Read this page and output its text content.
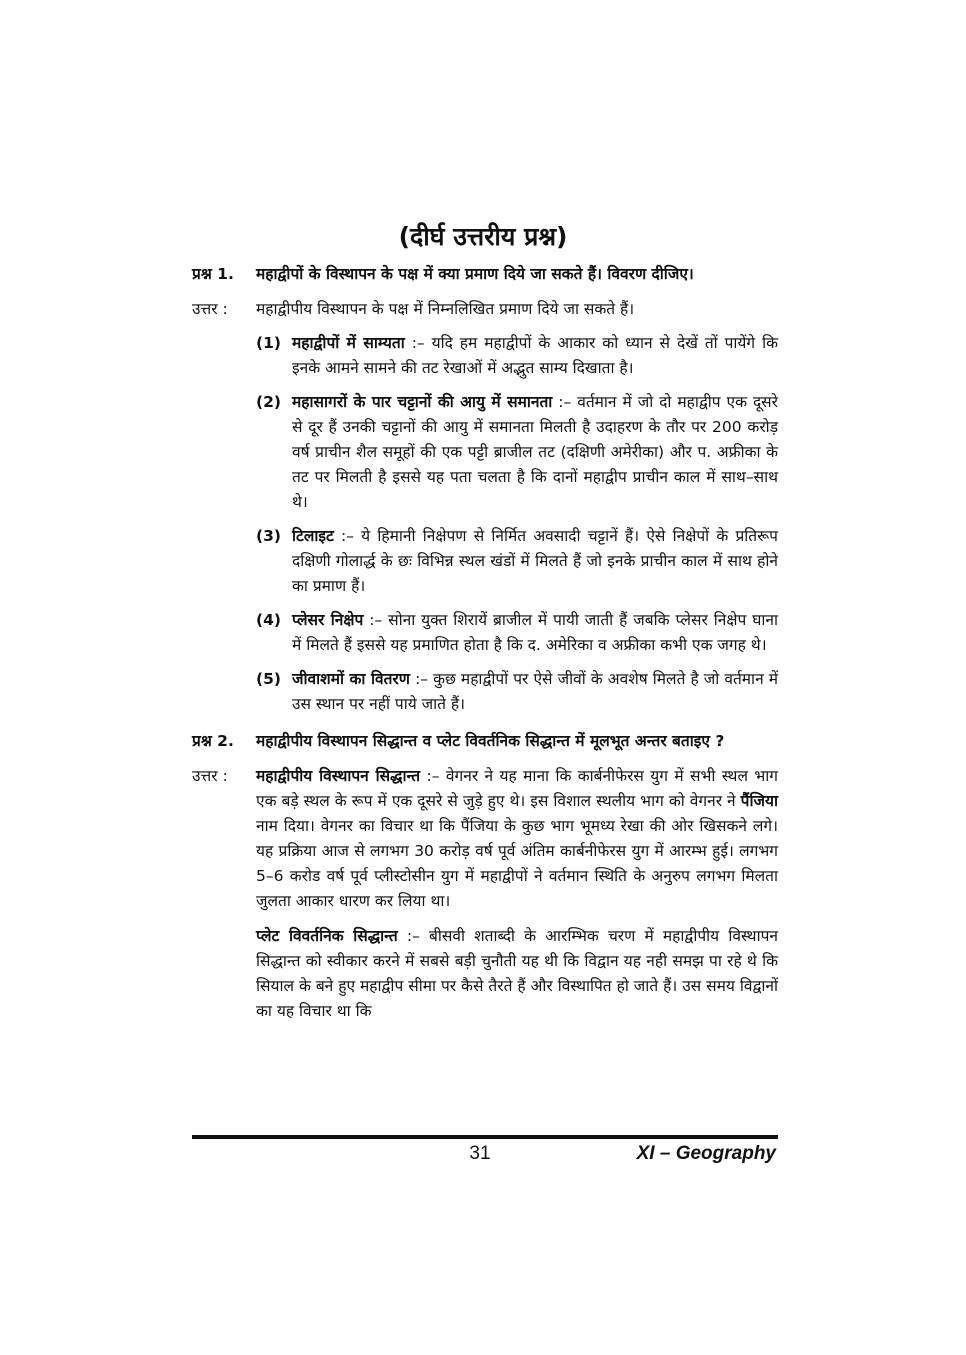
(दीर्घ उत्तरीय प्रश्न)
प्रश्न 1.	महाद्वीपों के विस्थापन के पक्ष में क्या प्रमाण दिये जा सकते हैं। विवरण दीजिए।
उत्तर :	महाद्वीपीय विस्थापन के पक्ष में निम्नलिखित प्रमाण दिये जा सकते हैं।
(1) महाद्वीपों में साम्यता :– यदि हम महाद्वीपों के आकार को ध्यान से देखें तों पायेंगे कि इनके आमने सामने की तट रेखाओं में अद्भुत साम्य दिखाता है।
(2) महासागरों के पार चट्टानों की आयु में समानता :– वर्तमान में जो दो महाद्वीप एक दूसरे से दूर हैं उनकी चट्टानों की आयु में समानता मिलती है उदाहरण के तौर पर 200 करोड़ वर्ष प्राचीन शैल समूहों की एक पट्टी ब्राजील तट (दक्षिणी अमेरीका) और प. अफ्रीका के तट पर मिलती है इससे यह पता चलता है कि दानों महाद्वीप प्राचीन काल में साथ–साथ थे।
(3) टिलाइट :– ये हिमानी निक्षेपण से निर्मित अवसादी चट्टानें हैं। ऐसे निक्षेपों के प्रतिरूप दक्षिणी गोलार्द्ध के छः विभिन्न स्थल खंडों में मिलते हैं जो इनके प्राचीन काल में साथ होने का प्रमाण हैं।
(4) प्लेसर निक्षेप :– सोना युक्त शिरायें ब्राजील में पायी जाती हैं जबकि प्लेसर निक्षेप घाना में मिलते हैं इससे यह प्रमाणित होता है कि द. अमेरिका व अफ्रीका कभी एक जगह थे।
(5) जीवाशमों का वितरण :– कुछ महाद्वीपों पर ऐसे जीवों के अवशेष मिलते है जो वर्तमान में उस स्थान पर नहीं पाये जाते हैं।
प्रश्न 2.	महाद्वीपीय विस्थापन सिद्धान्त व प्लेट विवर्तनिक सिद्धान्त में मूलभूत अन्तर बताइए ?
उत्तर :	महाद्वीपीय विस्थापन सिद्धान्त :– वेगनर ने यह माना कि कार्बनीफेरस युग में सभी स्थल भाग एक बड़े स्थल के रूप में एक दूसरे से जुड़े हुए थे। इस विशाल स्थलीय भाग को वेगनर ने पैंजिया नाम दिया। वेगनर का विचार था कि पैंजिया के कुछ भाग भूमध्य रेखा की ओर खिसकने लगे। यह प्रक्रिया आज से लगभग 30 करोड़ वर्ष पूर्व अंतिम कार्बनीफेरस युग में आरम्भ हुई। लगभग 5–6 करोड वर्ष पूर्व प्लीस्टोसीन युग में महाद्वीपों ने वर्तमान स्थिति के अनुरुप लगभग मिलता जुलता आकार धारण कर लिया था।
प्लेट विवर्तनिक सिद्धान्त :– बीसवी शताब्दी के आरम्भिक चरण में महाद्वीपीय विस्थापन सिद्धान्त को स्वीकार करने में सबसे बड़ी चुनौती यह थी कि विद्वान यह नही समझ पा रहे थे कि सियाल के बने हुए महाद्वीप सीमा पर कैसे तैरते हैं और विस्थापित हो जाते हैं। उस समय विद्वानों का यह विचार था कि
31	XI – Geography
